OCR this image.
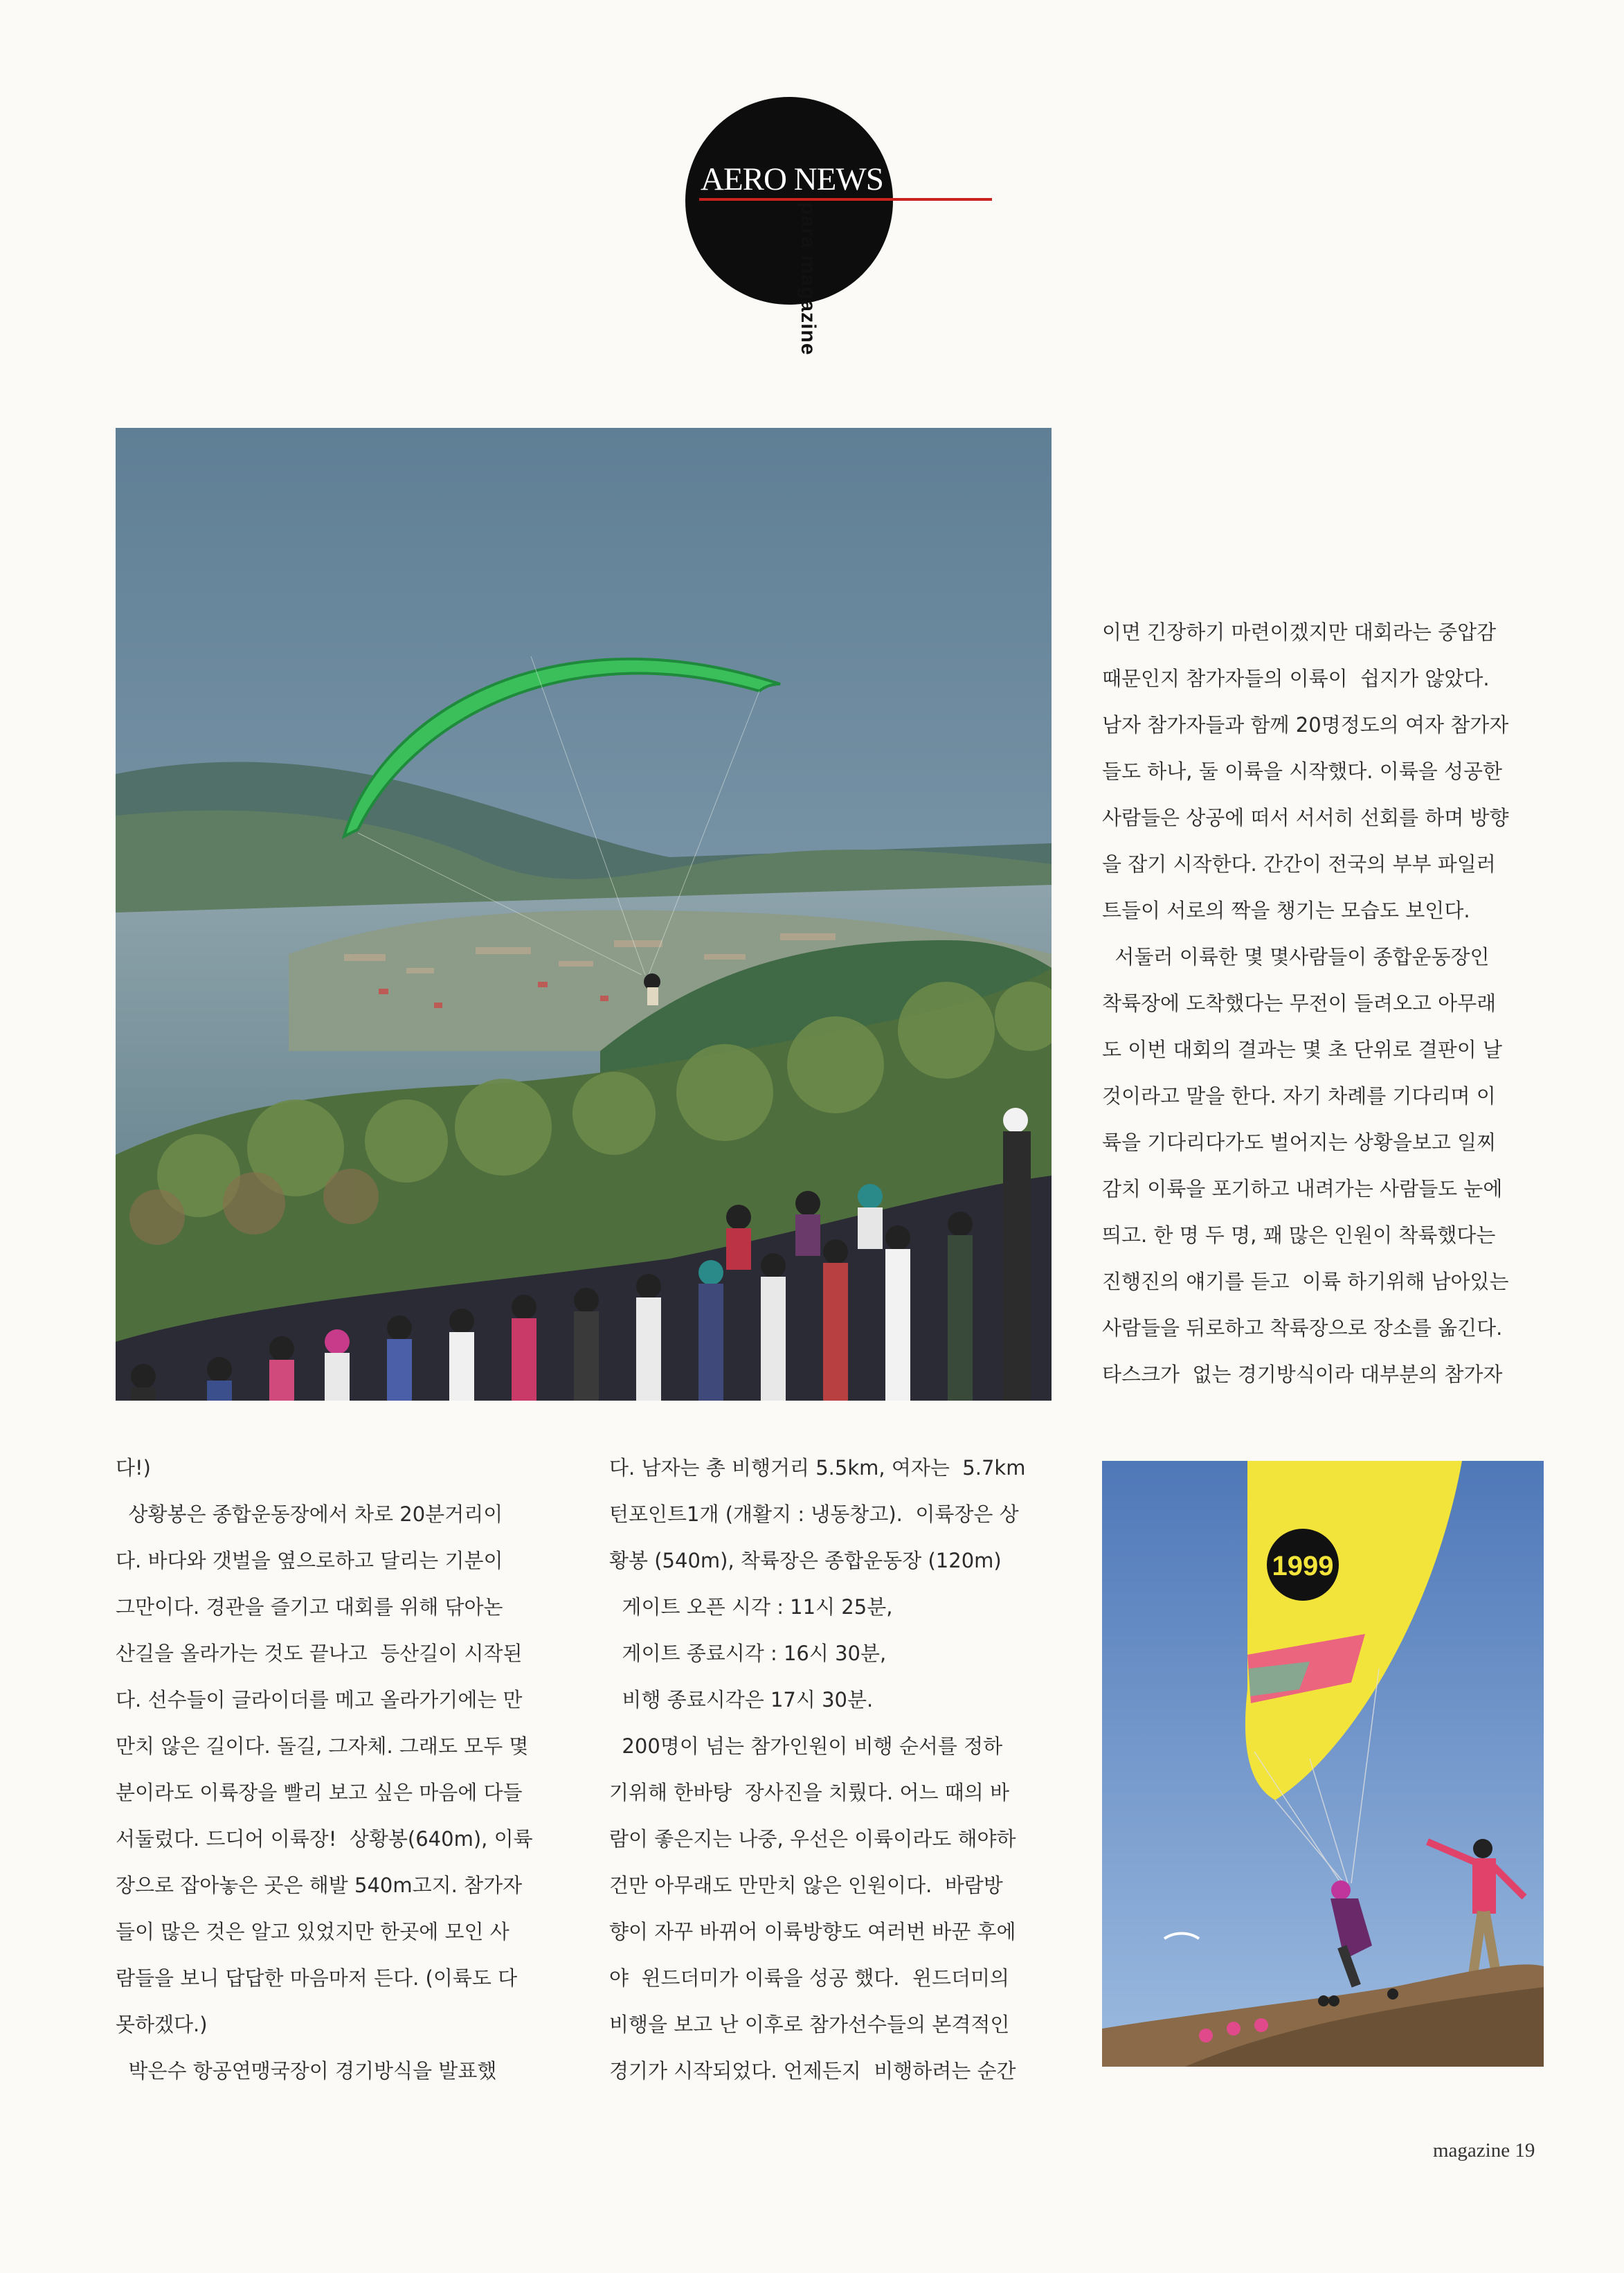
AERO NEWS
para magazine
1999

이면 긴장하기 마련이겠지만 대회라는 중압감

때문인지 참가자들의 이륙이  쉽지가 않았다.

남자 참가자들과 함께 20명정도의 여자 참가자

들도 하나, 둘 이륙을 시작했다. 이륙을 성공한

사람들은 상공에 떠서 서서히 선회를 하며 방향

을 잡기 시작한다. 간간이 전국의 부부 파일러

트들이 서로의 짝을 챙기는 모습도 보인다.

서둘러 이륙한 몇 몇사람들이 종합운동장인

착륙장에 도착했다는 무전이 들려오고 아무래

도 이번 대회의 결과는 몇 초 단위로 결판이 날

것이라고 말을 한다. 자기 차례를 기다리며 이

륙을 기다리다가도 벌어지는 상황을보고 일찌

감치 이륙을 포기하고 내려가는 사람들도 눈에

띄고. 한 명 두 명, 꽤 많은 인원이 착륙했다는

진행진의 얘기를 듣고  이륙 하기위해 남아있는

사람들을 뒤로하고 착륙장으로 장소를 옮긴다.

타스크가  없는 경기방식이라 대부분의 참가자

다!)

상황봉은 종합운동장에서 차로 20분거리이

다. 바다와 갯벌을 옆으로하고 달리는 기분이

그만이다. 경관을 즐기고 대회를 위해 닦아논

산길을 올라가는 것도 끝나고  등산길이 시작된

다. 선수들이 글라이더를 메고 올라가기에는 만

만치 않은 길이다. 돌길, 그자체. 그래도 모두 몇

분이라도 이륙장을 빨리 보고 싶은 마음에 다들

서둘렀다. 드디어 이륙장!  상황봉(640m), 이륙

장으로 잡아놓은 곳은 해발 540m고지. 참가자

들이 많은 것은 알고 있었지만 한곳에 모인 사

람들을 보니 답답한 마음마저 든다. (이륙도 다

못하겠다.)

박은수 항공연맹국장이 경기방식을 발표했

다. 남자는 총 비행거리 5.5km, 여자는  5.7km

턴포인트1개 (개활지 : 냉동창고).  이륙장은 상

황봉 (540m), 착륙장은 종합운동장 (120m)

게이트 오픈 시각 : 11시 25분,

게이트 종료시각 : 16시 30분,

비행 종료시각은 17시 30분.

200명이 넘는 참가인원이 비행 순서를 정하

기위해 한바탕  장사진을 치뤘다. 어느 때의 바

람이 좋은지는 나중, 우선은 이륙이라도 해야하

건만 아무래도 만만치 않은 인원이다.  바람방

향이 자꾸 바뀌어 이륙방향도 여러번 바꾼 후에

야  윈드더미가 이륙을 성공 했다.  윈드더미의

비행을 보고 난 이후로 참가선수들의 본격적인

경기가 시작되었다. 언제든지  비행하려는 순간

magazine 19
